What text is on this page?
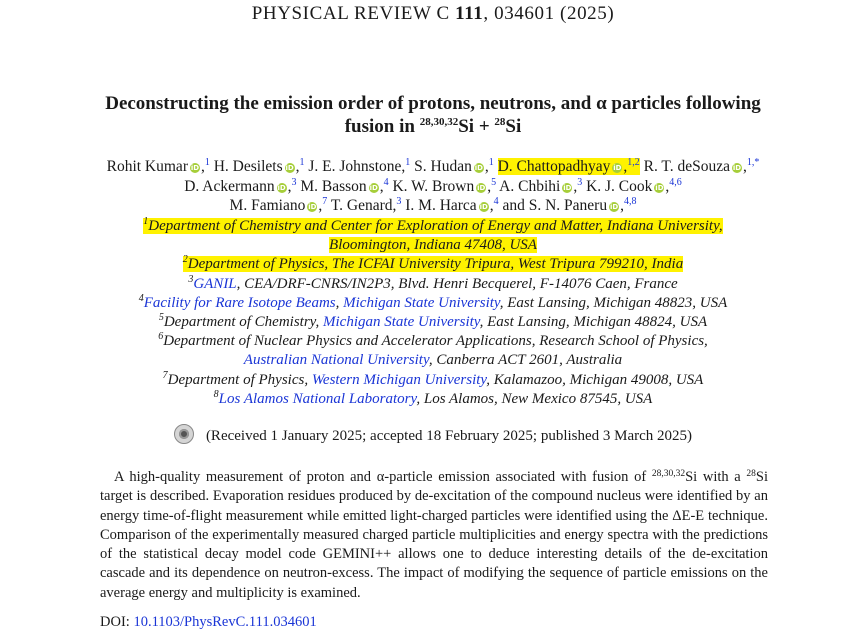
PHYSICAL REVIEW C 111, 034601 (2025)
Deconstructing the emission order of protons, neutrons, and α particles following
fusion in $^{28,30,32}$Si + $^{28}$Si
Rohit Kumar iD ,$^1$ H. Desilets iD ,$^1$ J. E. Johnstone,$^1$ S. Hudan iD ,$^1$ D. Chattopadhyay iD ,$^{1,2}$ R. T. deSouza iD ,$^{1,*}$
D. Ackermann iD ,$^3$ M. Basson iD ,$^4$ K. W. Brown iD ,$^5$ A. Chbihi iD ,$^3$ K. J. Cook iD ,$^{4,6}$
M. Famiano iD ,$^7$ T. Genard,$^3$ I. M. Harca iD ,$^4$ and S. N. Paneru iD ,$^{4,8}$
$^1$Department of Chemistry and Center for Exploration of Energy and Matter, Indiana University,
Bloomington, Indiana 47408, USA
$^2$Department of Physics, The ICFAI University Tripura, West Tripura 799210, India
$^3$GANIL, CEA/DRF-CNRS/IN2P3, Blvd. Henri Becquerel, F-14076 Caen, France
$^4$Facility for Rare Isotope Beams, Michigan State University, East Lansing, Michigan 48823, USA
$^5$Department of Chemistry, Michigan State University, East Lansing, Michigan 48824, USA
$^6$Department of Nuclear Physics and Accelerator Applications, Research School of Physics,
Australian National University, Canberra ACT 2601, Australia
$^7$Department of Physics, Western Michigan University, Kalamazoo, Michigan 49008, USA
$^8$Los Alamos National Laboratory, Los Alamos, New Mexico 87545, USA
(Received 1 January 2025; accepted 18 February 2025; published 3 March 2025)
A high-quality measurement of proton and α-particle emission associated with fusion of $^{28,30,32}$Si with a $^{28}$Si target is described. Evaporation residues produced by de-excitation of the compound nucleus were identified by an energy time-of-flight measurement while emitted light-charged particles were identified using the ΔE-E technique. Comparison of the experimentally measured charged particle multiplicities and energy spectra with the predictions of the statistical decay model code GEMINI++ allows one to deduce interesting details of the de-excitation cascade and its dependence on neutron-excess. The impact of modifying the sequence of particle emissions on the average energy and multiplicity is examined.
DOI: 10.1103/PhysRevC.111.034601
